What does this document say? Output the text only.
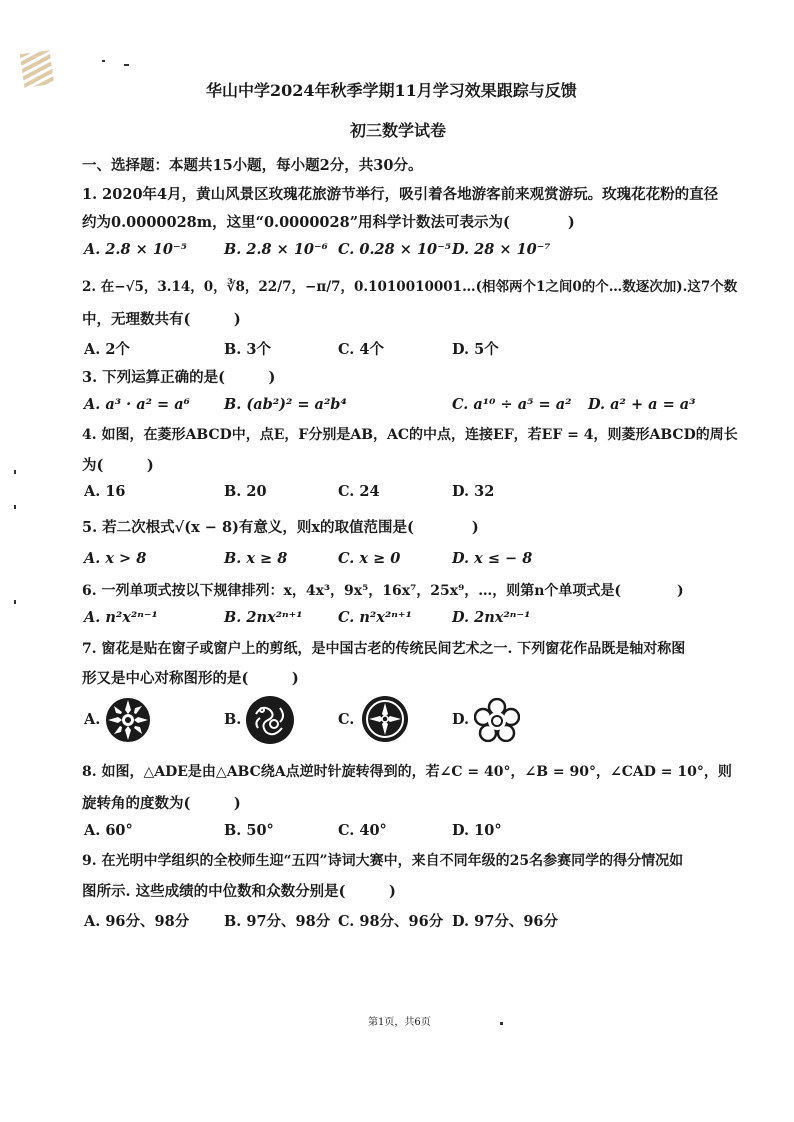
华山中学2024年秋季学期11月学习效果跟踪与反馈
初三数学试卷
一、选择题：本题共15小题，每小题2分，共30分。
1. 2020年4月，黄山风景区玫瑰花旅游节举行，吸引着各地游客前来观赏游玩。玫瑰花花粉的直径
约为0.0000028m，这里“0.0000028”用科学计数法可表示为(　　　　)
A. 2.8 × 10⁻⁵	B. 2.8 × 10⁻⁶ C. 0.28 × 10⁻⁵ D. 28 × 10⁻⁷
2. 在−√5，3.14，0，∛8，22/7，−π/7，0.1010010001…(相邻两个1之间0的个…数逐次加).这7个数
中，无理数共有(　　　)
A. 2个	B. 3个	C. 4个	D. 5个
3. 下列运算正确的是(　　　)
A. a³ · a² = a⁶ B. (ab²)² = a²b⁴	C. a¹⁰ ÷ a⁵ = a² D. a² + a = a³
4. 如图，在菱形ABCD中，点E，F分别是AB，AC的中点，连接EF，若EF = 4，则菱形ABCD的周长
为(　　　)
A. 16	B. 20	C. 24	D. 32
5. 若二次根式√(x − 8)有意义，则x的取值范围是(　　　　)
A. x > 8	B. x ≥ 8	C. x ≥ 0	D. x ≤ − 8
6. 一列单项式按以下规律排列：x，4x³，9x⁵，16x⁷，25x⁹，…，则第n个单项式是(　　　　)
A. n²x²ⁿ⁻¹	B. 2nx²ⁿ⁺¹ C. n²x²ⁿ⁺¹	D. 2nx²ⁿ⁻¹
7. 窗花是贴在窗子或窗户上的剪纸，是中国古老的传统民间艺术之一. 下列窗花作品既是轴对称图
形又是中心对称图形的是(　　　)
A.	B.	C.	D.
8. 如图，△ADE是由△ABC绕A点逆时针旋转得到的，若∠C = 40°，∠B = 90°，∠CAD = 10°，则
旋转角的度数为(　　　)
A. 60°	B. 50°	C. 40°	D. 10°
9. 在光明中学组织的全校师生迎“五四”诗词大赛中，来自不同年级的25名参赛同学的得分情况如
图所示. 这些成绩的中位数和众数分别是(　　　)
A. 96分、98分 B. 97分、98分 C. 98分、96分 D. 97分、96分
第1页，共6页
